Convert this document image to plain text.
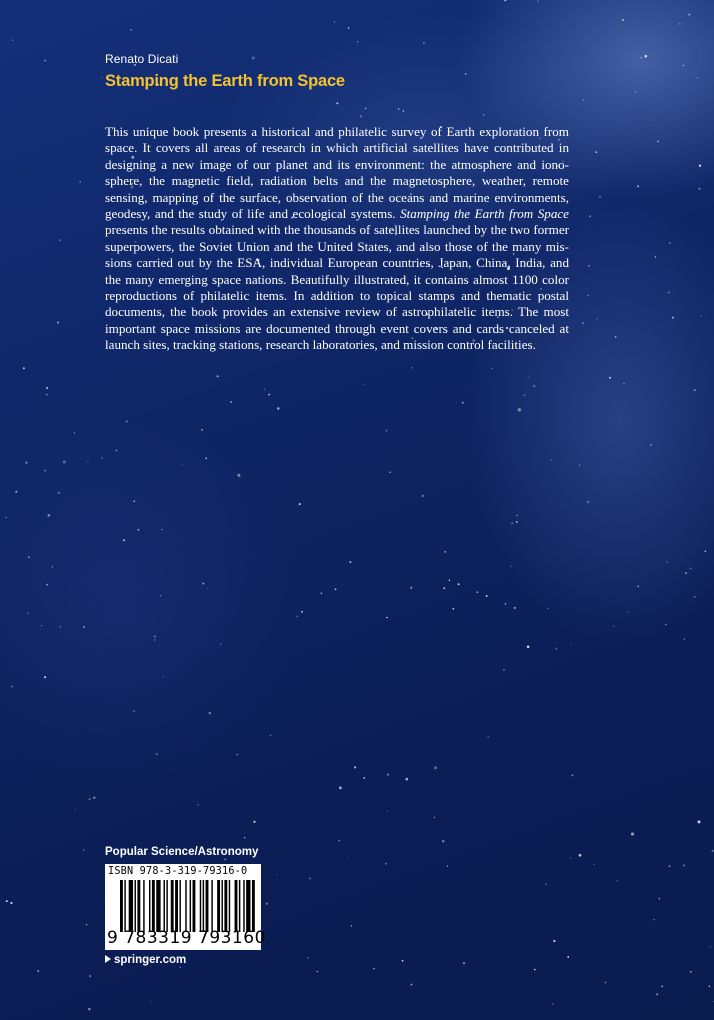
Renato Dicati
Stamping the Earth from Space
This unique book presents a historical and philatelic survey of Earth exploration from space. It covers all areas of research in which artificial satellites have contributed in designing a new image of our planet and its environment: the atmosphere and ionosphere, the magnetic field, radiation belts and the magnetosphere, weather, remote sensing, mapping of the surface, observation of the oceans and marine environments, geodesy, and the study of life and ecological systems. Stamping the Earth from Space presents the results obtained with the thousands of satellites launched by the two former superpowers, the Soviet Union and the United States, and also those of the many missions carried out by the ESA, individual European countries, Japan, China, India, and the many emerging space nations. Beautifully illustrated, it contains almost 1100 color reproductions of philatelic items. In addition to topical stamps and thematic postal documents, the book provides an extensive review of astrophilatelic items. The most important space missions are documented through event covers and cards canceled at launch sites, tracking stations, research laboratories, and mission control facilities.
Popular Science/Astronomy
ISBN 978-3-319-79316-0
9 783319 793160
springer.com
